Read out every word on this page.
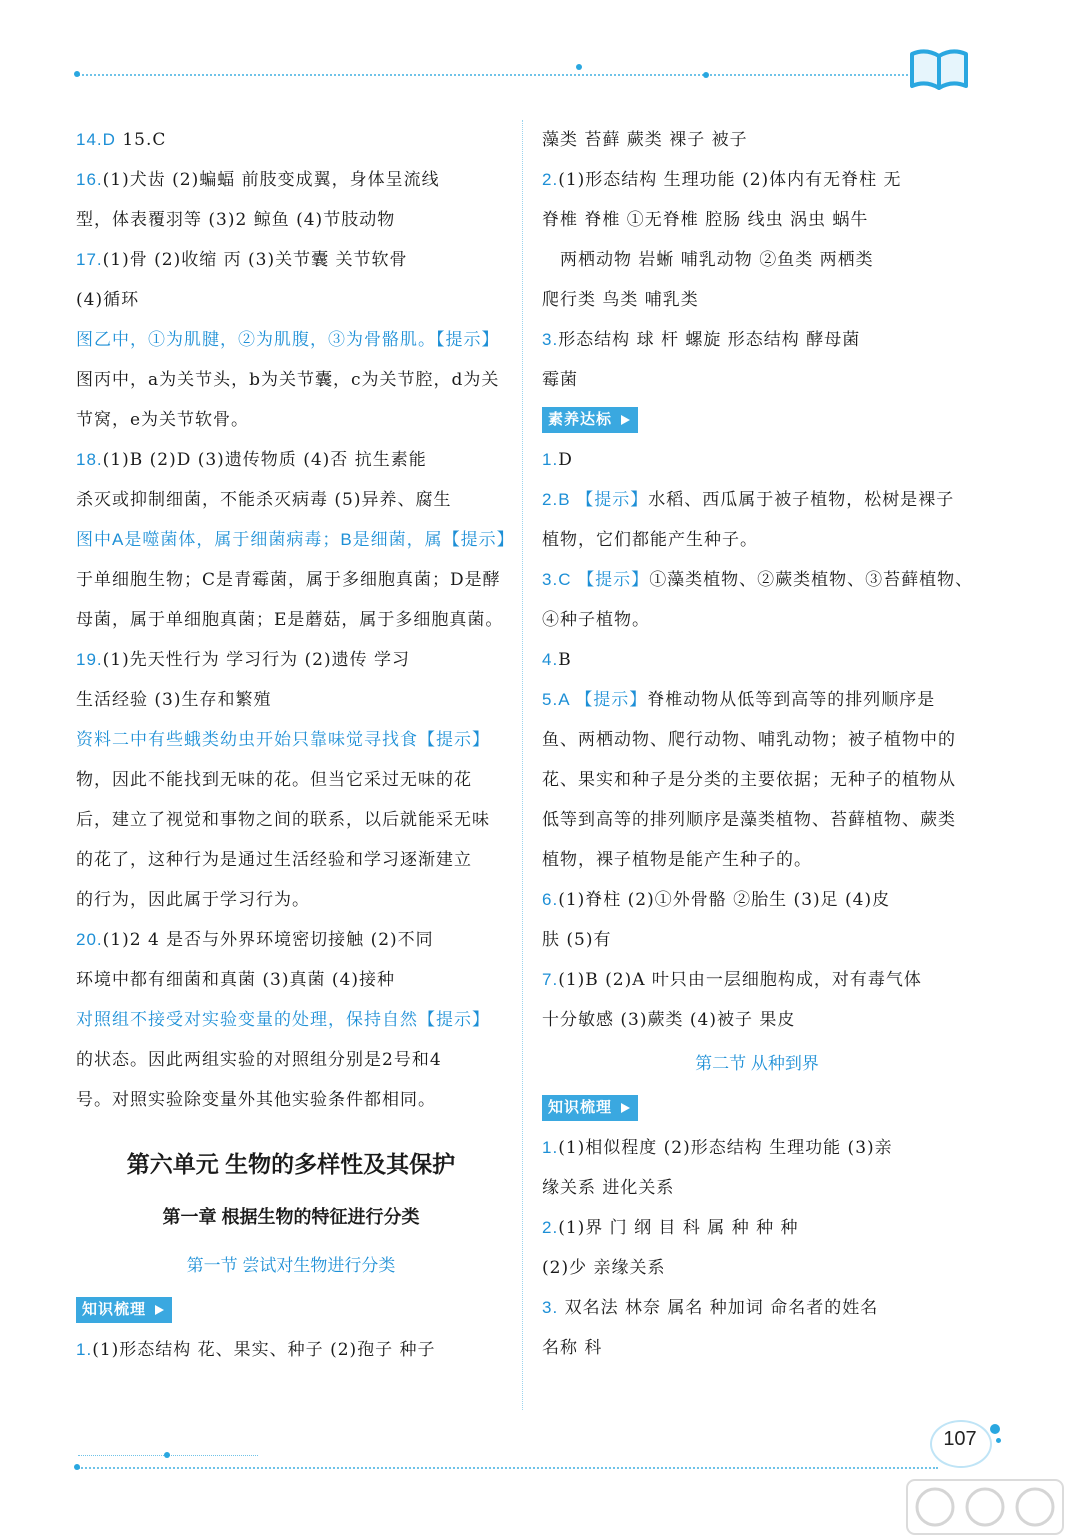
14.D 15.C
16.(1)犬齿 (2)蝙蝠 前肢变成翼，身体呈流线
型，体表覆羽等 (3)2 鲸鱼 (4)节肢动物
17.(1)骨 (2)收缩 丙 (3)关节囊 关节软骨
(4)循环
图乙中，①为肌腱，②为肌腹，③为骨骼肌。【提示】
图丙中，a为关节头，b为关节囊，c为关节腔，d为关
节窝，e为关节软骨。
18.(1)B (2)D (3)遗传物质 (4)否 抗生素能
杀灭或抑制细菌，不能杀灭病毒 (5)异养、腐生
图中A是噬菌体，属于细菌病毒；B是细菌，属【提示】
于单细胞生物；C是青霉菌，属于多细胞真菌；D是酵
母菌，属于单细胞真菌；E是蘑菇，属于多细胞真菌。
19.(1)先天性行为 学习行为 (2)遗传 学习
生活经验 (3)生存和繁殖
资料二中有些蛾类幼虫开始只靠味觉寻找食【提示】
物，因此不能找到无味的花。但当它采过无味的花
后，建立了视觉和事物之间的联系，以后就能采无味
的花了，这种行为是通过生活经验和学习逐渐建立
的行为，因此属于学习行为。
20.(1)2 4 是否与外界环境密切接触 (2)不同
环境中都有细菌和真菌 (3)真菌 (4)接种
对照组不接受对实验变量的处理，保持自然【提示】
的状态。因此两组实验的对照组分别是2号和4
号。对照实验除变量外其他实验条件都相同。
第六单元 生物的多样性及其保护
第一章 根据生物的特征进行分类
第一节 尝试对生物进行分类
知识梳理
1.(1)形态结构 花、果实、种子 (2)孢子 种子
藻类 苔藓 蕨类 裸子 被子
2.(1)形态结构 生理功能 (2)体内有无脊柱 无
脊椎 脊椎 ①无脊椎 腔肠 线虫 涡虫 蜗牛
两栖动物 岩蜥 哺乳动物 ②鱼类 两栖类
爬行类 鸟类 哺乳类
3.形态结构 球 杆 螺旋 形态结构 酵母菌
霉菌
素养达标
1.D
2.B 【提示】水稻、西瓜属于被子植物，松树是裸子
植物，它们都能产生种子。
3.C 【提示】①藻类植物、②蕨类植物、③苔藓植物、
④种子植物。
4.B
5.A 【提示】脊椎动物从低等到高等的排列顺序是
鱼、两栖动物、爬行动物、哺乳动物；被子植物中的
花、果实和种子是分类的主要依据；无种子的植物从
低等到高等的排列顺序是藻类植物、苔藓植物、蕨类
植物，裸子植物是能产生种子的。
6.(1)脊柱 (2)①外骨骼 ②胎生 (3)足 (4)皮
肤 (5)有
7.(1)B (2)A 叶只由一层细胞构成，对有毒气体
十分敏感 (3)蕨类 (4)被子 果皮
第二节 从种到界
知识梳理
1.(1)相似程度 (2)形态结构 生理功能 (3)亲
缘关系 进化关系
2.(1)界 门 纲 目 科 属 种 种 种
(2)少 亲缘关系
3. 双名法 林奈 属名 种加词 命名者的姓名
名称 科
107
